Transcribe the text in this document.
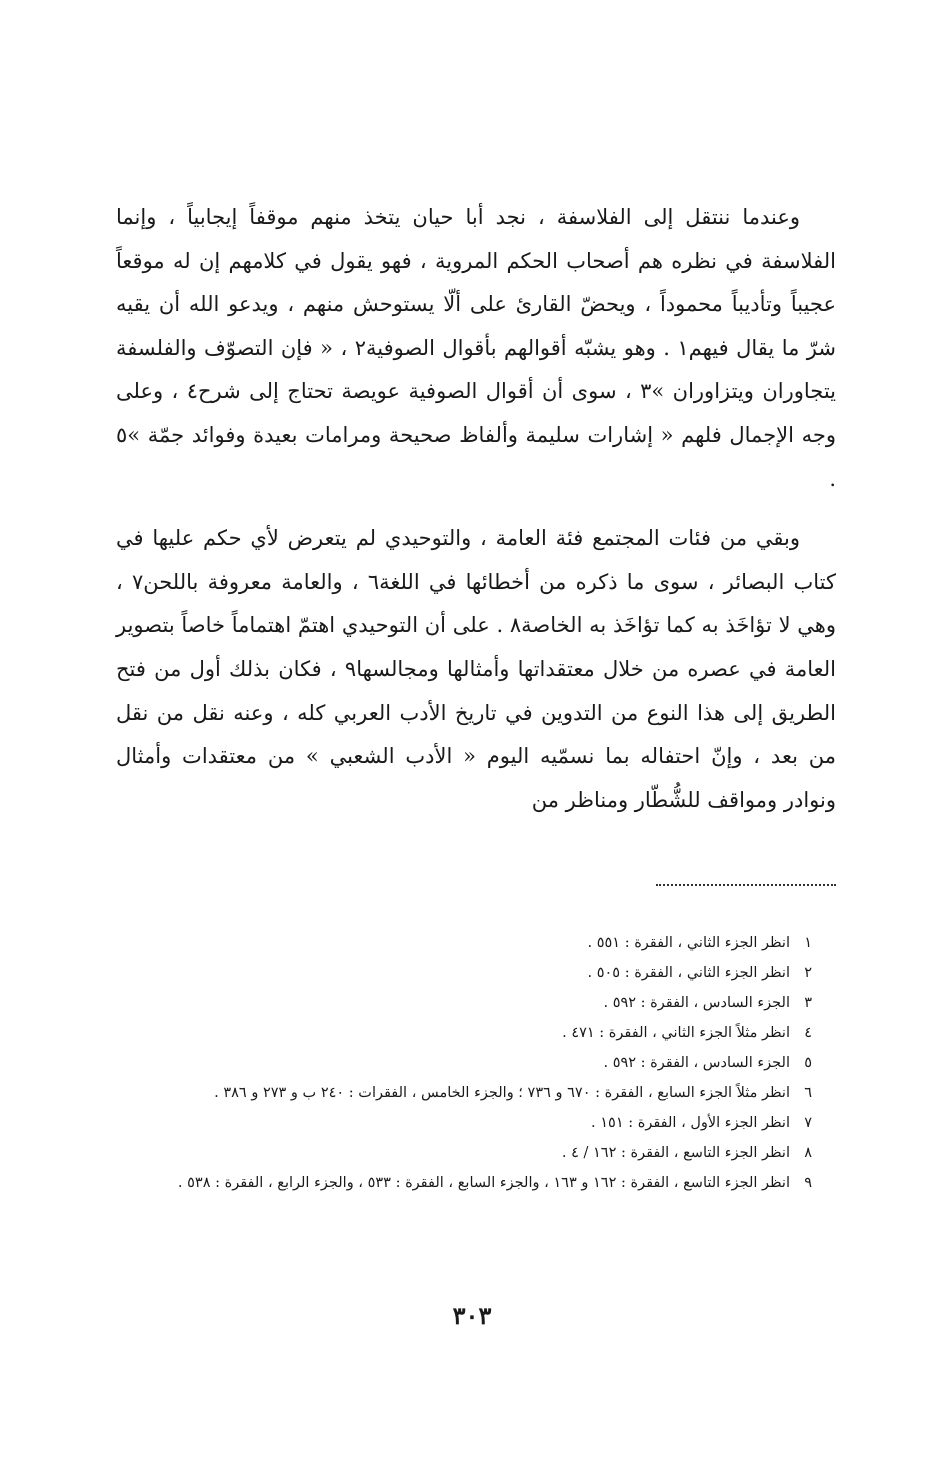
وعندما ننتقل إلى الفلاسفة ، نجد أبا حيان يتخذ منهم موقفاً إيجابياً ، وإنما الفلاسفة في نظره هم أصحاب الحكم المروية ، فهو يقول في كلامهم إن له موقعاً عجيباً وتأديباً محموداً ، ويحضّ القارئ على ألّا يستوحش منهم ، ويدعو الله أن يقيه شرّ ما يقال فيهم١ . وهو يشبّه أقوالهم بأقوال الصوفية٢ ، « فإن التصوّف والفلسفة يتجاوران ويتزاوران »٣ ، سوى أن أقوال الصوفية عويصة تحتاج إلى شرح٤ ، وعلى وجه الإجمال فلهم « إشارات سليمة وألفاظ صحيحة ومرامات بعيدة وفوائد جمّة »٥ .

وبقي من فئات المجتمع فئة العامة ، والتوحيدي لم يتعرض لأي حكم عليها في كتاب البصائر ، سوى ما ذكره من أخطائها في اللغة٦ ، والعامة معروفة باللحن٧ ، وهي لا تؤاخَذ به كما تؤاخَذ به الخاصة٨ . على أن التوحيدي اهتمّ اهتماماً خاصاً بتصوير العامة في عصره من خلال معتقداتها وأمثالها ومجالسها٩ ، فكان بذلك أول من فتح الطريق إلى هذا النوع من التدوين في تاريخ الأدب العربي كله ، وعنه نقل من نقل من بعد ، وإنّ احتفاله بما نسمّيه اليوم « الأدب الشعبي » من معتقدات وأمثال ونوادر ومواقف للشُّطّار ومناظر من

١
انظر الجزء الثاني ، الفقرة : ٥٥١ .
٢
انظر الجزء الثاني ، الفقرة : ٥٠٥ .
٣
الجزء السادس ، الفقرة : ٥٩٢ .
٤
انظر مثلاً الجزء الثاني ، الفقرة : ٤٧١ .
٥
الجزء السادس ، الفقرة : ٥٩٢ .
٦
انظر مثلاً الجزء السابع ، الفقرة : ٦٧٠ و ٧٣٦ ؛ والجزء الخامس ، الفقرات : ٢٤٠ ب و ٢٧٣ و ٣٨٦ .
٧
انظر الجزء الأول ، الفقرة : ١٥١ .
٨
انظر الجزء التاسع ، الفقرة : ١٦٢ / ٤ .
٩
انظر الجزء التاسع ، الفقرة : ١٦٢ و ١٦٣ ، والجزء السابع ، الفقرة : ٥٣٣ ، والجزء الرابع ، الفقرة : ٥٣٨ .
٣٠٣
